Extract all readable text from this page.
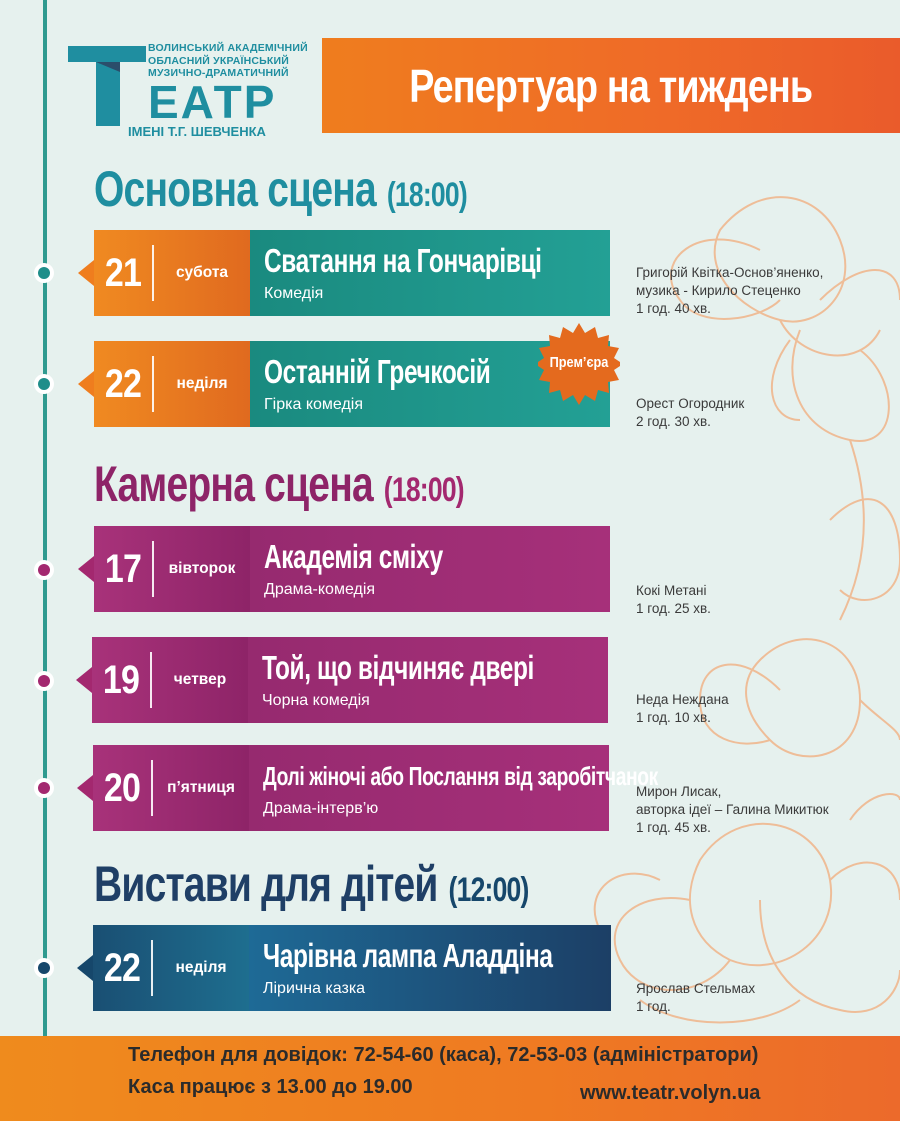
ВОЛИНСЬКИЙ АКАДЕМІЧНИЙ
ОБЛАСНИЙ УКРАЇНСЬКИЙ
МУЗИЧНО-ДРАМАТИЧНИЙ
ЕАТР
ІМЕНІ Т.Г. ШЕВЧЕНКА
Репертуар на тиждень
Основна сцена (18:00)
Камерна сцена (18:00)
Вистави для дітей (12:00)
21	субота	Сватання на Гончарівці
Комедія
Григорій Квітка-Основ’яненко,
музика - Кирило Стеценко
1 год. 40 хв.
22	неділя	Останній Гречкосій
Гірка комедія
Прем’єра
Орест Огородник
2 год. 30 хв.
17	вівторок Академія сміху
Драма-комедія	Кокі Метані
1 год. 25 хв.
19	четвер	Той, що відчиняє двері
Чорна комедія	Неда Неждана
1 год. 10 хв.
20	п’ятниця	Долі жіночі або Послання від заробітчанок
Драма-інтерв’ю
Мирон Лисак,
авторка ідеї – Галина Микитюк
1 год. 45 хв.
22	неділя	Чарівна лампа Аладдіна
Лірична казка	Ярослав Стельмах
1 год.
Телефон для довідок: 72-54-60 (каса), 72-53-03 (адміністратори)
Каса працює з 13.00 до 19.00	www.teatr.volyn.ua
